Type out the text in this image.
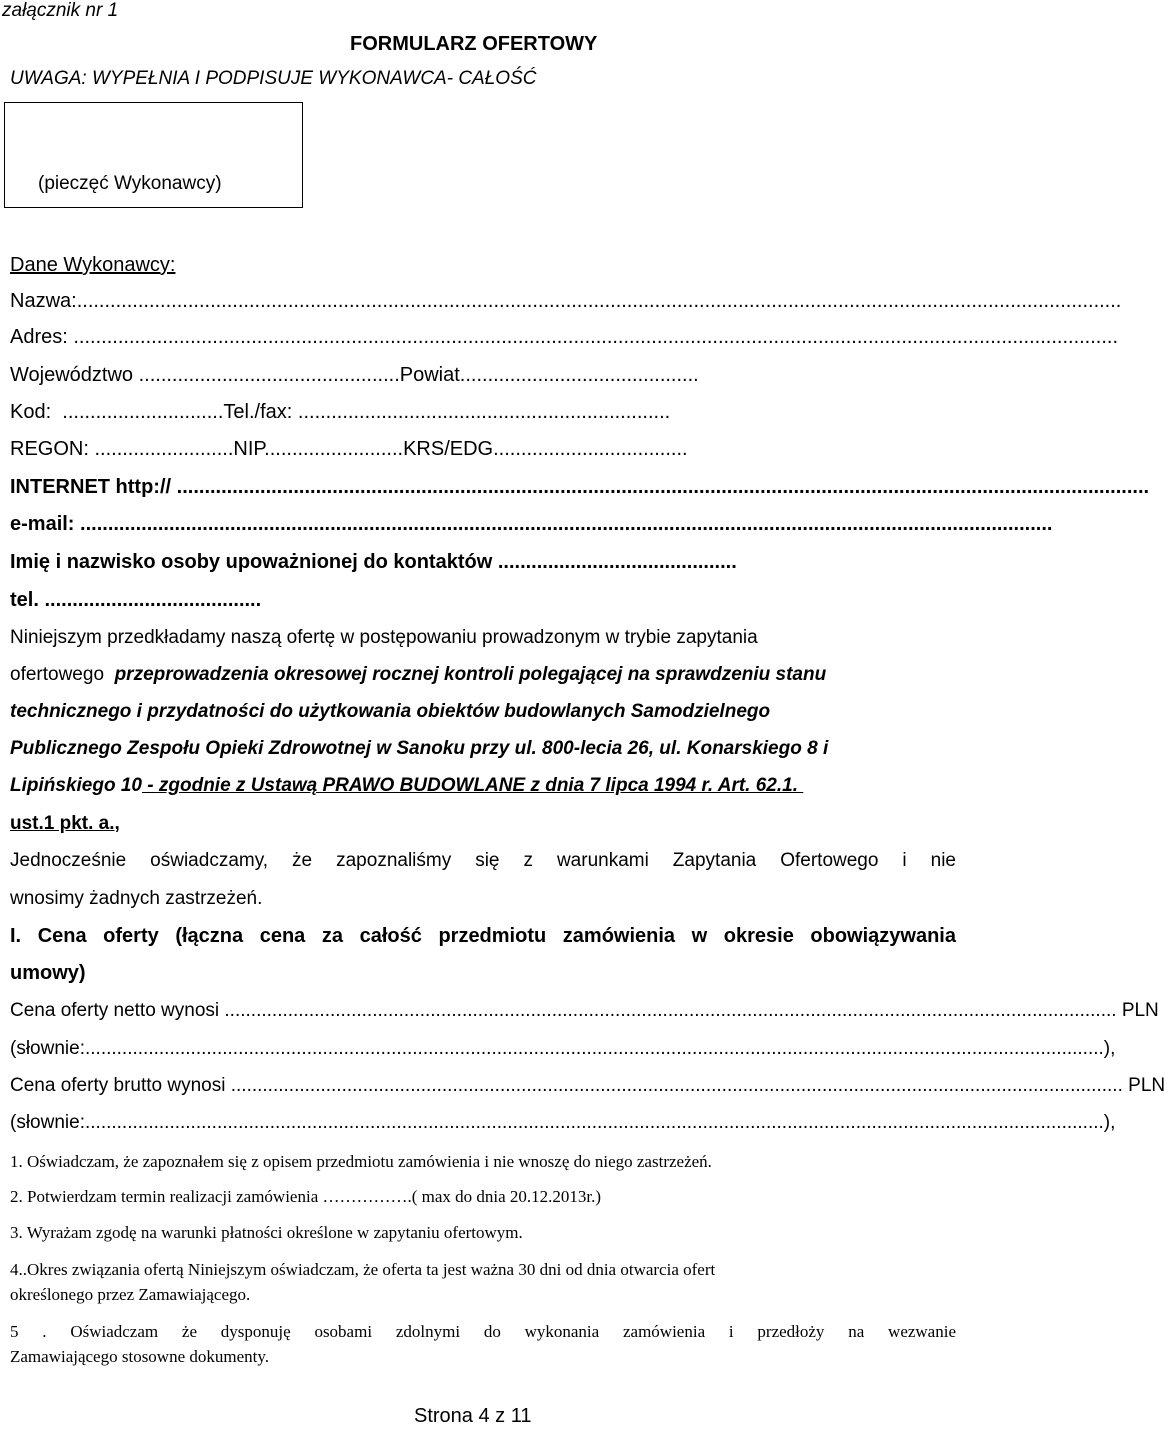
załącznik nr 1
FORMULARZ OFERTOWY
UWAGA: WYPEŁNIA I PODPISUJE WYKONAWCA- CAŁOŚĆ
(pieczęć Wykonawcy)
Dane Wykonawcy:
Nazwa : ............................................................................................................................................................................................
Adres : ............................................................................................................................................................................................
Województwo ...............................................Powiat...........................................
Kod:  .............................Tel./fax: ...................................................................
REGON: .........................NIP.........................KRS/EDG...................................
INTERNET http://
...............................................................................................................................................................................
e-mail:
...............................................................................................................................................................................
Imię i nazwisko osoby upoważnionej do kontaktów ...........................................
tel. .......................................
Niniejszym przedkładamy naszą ofertę w postępowaniu prowadzonym w trybie zapytania
ofertowego przeprowadzenia okresowej rocznej kontroli polegającej na sprawdzeniu stanu
technicznego i przydatności do użytkowania obiektów budowlanych Samodzielnego
Publicznego Zespołu Opieki Zdrowotnej w Sanoku przy ul. 800-lecia 26, ul. Konarskiego 8 i
Lipińskiego 10 - zgodnie z Ustawą PRAWO BUDOWLANE z dnia 7 lipca 1994 r. Art. 62.1.
ust.1 pkt. a.,
Jednocześnie oświadczamy, że zapoznaliśmy się z warunkami Zapytania Ofertowego i nie
wnosimy żadnych zastrzeżeń.
I. Cena oferty (łączna cena za całość przedmiotu zamówienia w okresie obowiązywania
umowy)
Cena oferty netto wynosi
.........................................................................................................................................................................
PLN
(słownie: ................................................................................................................................................................................................. ),
Cena oferty brutto wynosi
.........................................................................................................................................................................
PLN
(słownie: ................................................................................................................................................................................................. ),
1. Oświadczam, że zapoznałem się z opisem przedmiotu zamówienia i nie wnoszę do niego zastrzeżeń.
2. Potwierdzam termin realizacji zamówienia …………….( max do dnia 20.12.2013r.)
3. Wyrażam zgodę na warunki płatności określone w zapytaniu ofertowym.
4..Okres związania ofertą Niniejszym oświadczam, że oferta ta jest ważna 30 dni od dnia otwarcia ofert
określonego przez Zamawiającego.
5 . Oświadczam że dysponuję osobami zdolnymi do wykonania zamówienia i przedłoży na wezwanie
Zamawiającego stosowne dokumenty.
Strona 4 z 11
